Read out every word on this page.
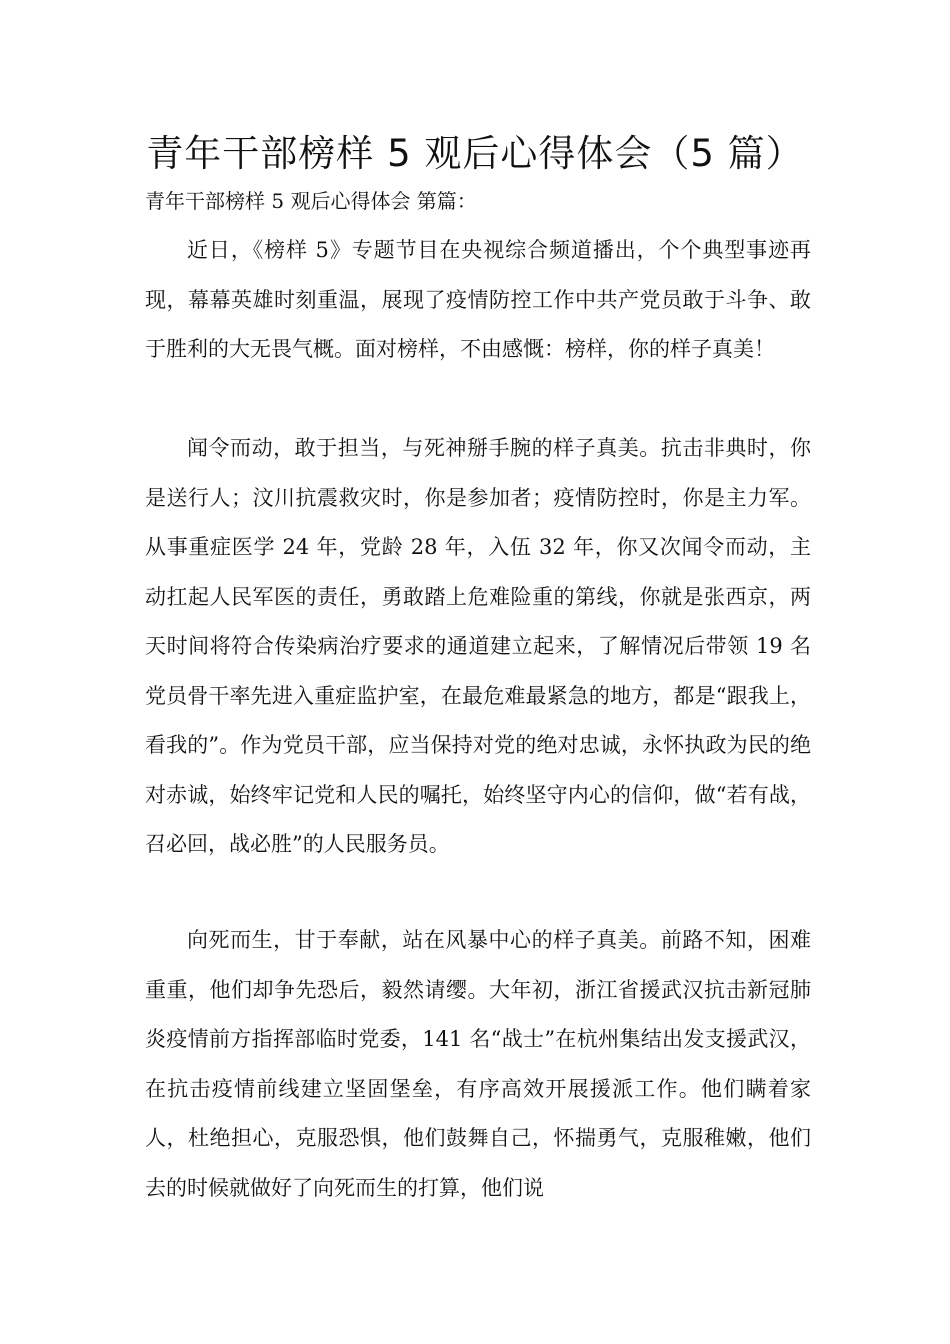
青年干部榜样 5 观后心得体会（5 篇）

青年干部榜样 5 观后心得体会 第篇：

近日，《榜样 5》专题节目在央视综合频道播出，个个典型事迹再现，幕幕英雄时刻重温，展现了疫情防控工作中共产党员敢于斗争、敢于胜利的大无畏气概。面对榜样，不由感慨：榜样，你的样子真美！

闻令而动，敢于担当，与死神掰手腕的样子真美。抗击非典时，你是送行人；汶川抗震救灾时，你是参加者；疫情防控时，你是主力军。从事重症医学 24 年，党龄 28 年，入伍 32 年，你又次闻令而动，主动扛起人民军医的责任，勇敢踏上危难险重的第线，你就是张西京，两天时间将符合传染病治疗要求的通道建立起来，了解情况后带领 19 名党员骨干率先进入重症监护室，在最危难最紧急的地方，都是“跟我上，看我的”。作为党员干部，应当保持对党的绝对忠诚，永怀执政为民的绝对赤诚，始终牢记党和人民的嘱托，始终坚守内心的信仰，做“若有战，召必回，战必胜”的人民服务员。

向死而生，甘于奉献，站在风暴中心的样子真美。前路不知，困难重重，他们却争先恐后，毅然请缨。大年初，浙江省援武汉抗击新冠肺炎疫情前方指挥部临时党委，141 名“战士”在杭州集结出发支援武汉，在抗击疫情前线建立坚固堡垒，有序高效开展援派工作。他们瞒着家人，杜绝担心，克服恐惧，他们鼓舞自己，怀揣勇气，克服稚嫩，他们去的时候就做好了向死而生的打算，他们说
